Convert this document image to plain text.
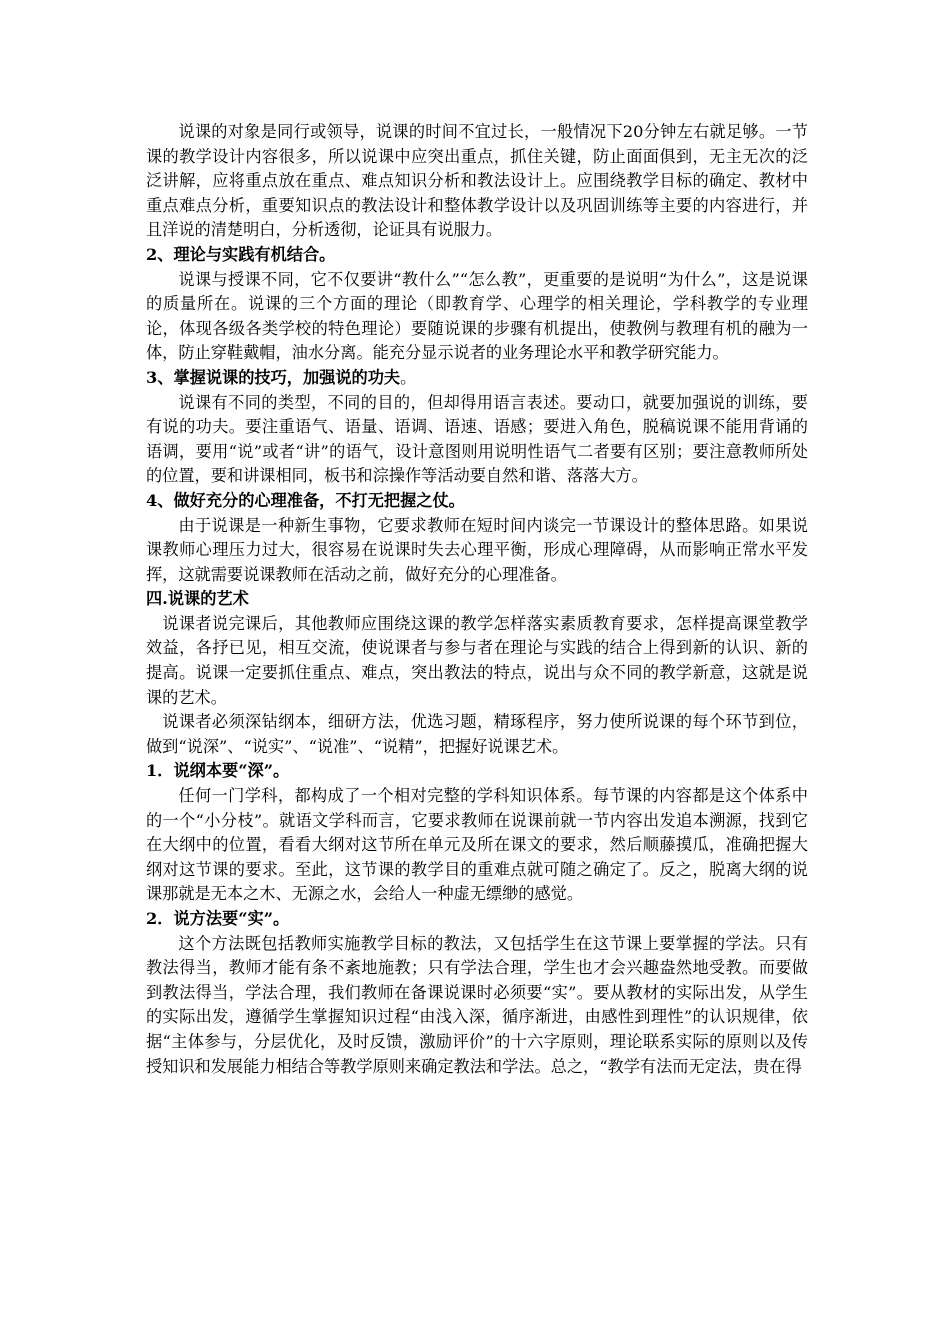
说课的对象是同行或领导，说课的时间不宜过长，一般情况下20分钟左右就足够。一节课的教学设计内容很多，所以说课中应突出重点，抓住关键，防止面面俱到，无主无次的泛泛讲解，应将重点放在重点、难点知识分析和教法设计上。应围绕教学目标的确定、教材中重点难点分析，重要知识点的教法设计和整体教学设计以及巩固训练等主要的内容进行，并且洋说的清楚明白，分析透彻，论证具有说服力。

2、理论与实践有机结合。

说课与授课不同，它不仅要讲“教什么”“怎么教”，更重要的是说明“为什么”，这是说课的质量所在。说课的三个方面的理论（即教育学、心理学的相关理论，学科教学的专业理论，体现各级各类学校的特色理论）要随说课的步骤有机提出，使教例与教理有机的融为一体，防止穿鞋戴帽，油水分离。能充分显示说者的业务理论水平和教学研究能力。

3、掌握说课的技巧，加强说的功夫。

说课有不同的类型，不同的目的，但却得用语言表述。要动口，就要加强说的训练，要有说的功夫。要注重语气、语量、语调、语速、语感；要进入角色，脱稿说课不能用背诵的语调，要用“说”或者“讲”的语气，设计意图则用说明性语气二者要有区别；要注意教师所处的位置，要和讲课相同，板书和淙操作等活动要自然和谐、落落大方。

4、做好充分的心理准备，不打无把握之仗。

由于说课是一种新生事物，它要求教师在短时间内谈完一节课设计的整体思路。如果说课教师心理压力过大，很容易在说课时失去心理平衡，形成心理障碍，从而影响正常水平发挥，这就需要说课教师在活动之前，做好充分的心理准备。

四.说课的艺术

说课者说完课后，其他教师应围绕这课的教学怎样落实素质教育要求，怎样提高课堂教学效益，各抒已见，相互交流，使说课者与参与者在理论与实践的结合上得到新的认识、新的提高。说课一定要抓住重点、难点，突出教法的特点，说出与众不同的教学新意，这就是说课的艺术。

说课者必须深钻纲本，细研方法，优选习题，精琢程序，努力使所说课的每个环节到位，做到“说深”、“说实”、“说准”、“说精”，把握好说课艺术。

1．说纲本要“深”。

任何一门学科，都构成了一个相对完整的学科知识体系。每节课的内容都是这个体系中的一个“小分枝”。就语文学科而言，它要求教师在说课前就一节内容出发追本溯源，找到它在大纲中的位置，看看大纲对这节所在单元及所在课文的要求，然后顺藤摸瓜，准确把握大纲对这节课的要求。至此，这节课的教学目的重难点就可随之确定了。反之，脱离大纲的说课那就是无本之木、无源之水，会给人一种虚无缥缈的感觉。

2．说方法要“实”。

这个方法既包括教师实施教学目标的教法，又包括学生在这节课上要掌握的学法。只有教法得当，教师才能有条不紊地施教；只有学法合理，学生也才会兴趣盎然地受教。而要做到教法得当，学法合理，我们教师在备课说课时必须要“实”。要从教材的实际出发，从学生的实际出发，遵循学生掌握知识过程“由浅入深，循序渐进，由感性到理性”的认识规律，依据“主体参与，分层优化，及时反馈，激励评价”的十六字原则，理论联系实际的原则以及传授知识和发展能力相结合等教学原则来确定教法和学法。总之，“教学有法而无定法，贵在得
